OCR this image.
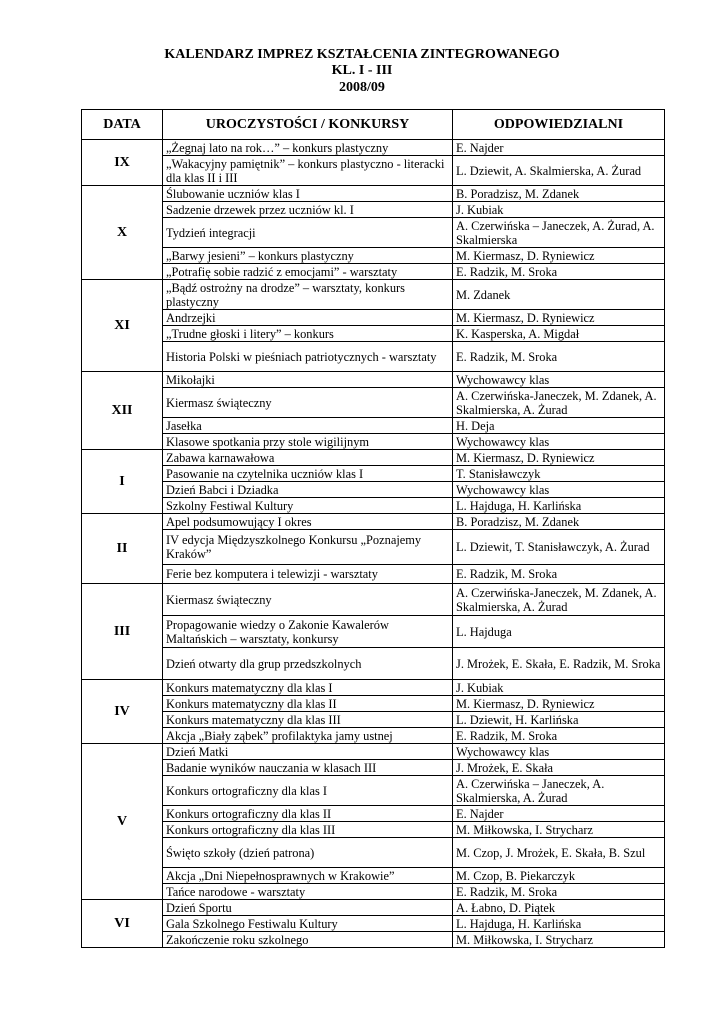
KALENDARZ IMPREZ KSZTAŁCENIA ZINTEGROWANEGO
KL. I - III
2008/09
DATA	UROCZYSTOŚCI / KONKURSY	ODPOWIEDZIALNI
IX	„Żegnaj lato na rok…” – konkurs plastyczny	E. Najder
	„Wakacyjny pamiętnik” – konkurs plastyczno - literacki dla klas II i III	L. Dziewit, A. Skalmierska, A. Żurad
X	Ślubowanie uczniów klas I	B. Poradzisz, M. Zdanek
	Sadzenie drzewek przez uczniów kl. I	J. Kubiak
	Tydzień integracji	A. Czerwińska – Janeczek, A. Żurad, A. Skalmierska
	„Barwy jesieni” – konkurs plastyczny	M. Kiermasz, D. Ryniewicz
	„Potrafię sobie radzić z emocjami” - warsztaty	E. Radzik, M. Sroka
XI	„Bądź ostrożny na drodze” – warsztaty, konkurs plastyczny	M. Zdanek
	Andrzejki	M. Kiermasz, D. Ryniewicz
	„Trudne głoski i litery” – konkurs	K. Kasperska, A. Migdał
	Historia Polski w pieśniach patriotycznych - warsztaty	E. Radzik, M. Sroka
XII	Mikołajki	Wychowawcy klas
	Kiermasz świąteczny	A. Czerwińska-Janeczek, M. Zdanek, A. Skalmierska, A. Żurad
	Jasełka	H. Deja
	Klasowe spotkania przy stole wigilijnym	Wychowawcy klas
I	Zabawa karnawałowa	M. Kiermasz, D. Ryniewicz
	Pasowanie na czytelnika uczniów klas I	T. Stanisławczyk
	Dzień Babci i Dziadka	Wychowawcy klas
	Szkolny Festiwal Kultury	L. Hajduga, H. Karlińska
II	Apel podsumowujący I okres	B. Poradzisz, M. Zdanek
	IV edycja Międzyszkolnego Konkursu „Poznajemy Kraków”	L. Dziewit, T. Stanisławczyk, A. Żurad
	Ferie bez komputera i telewizji - warsztaty	E. Radzik, M. Sroka
III	Kiermasz świąteczny	A. Czerwińska-Janeczek, M. Zdanek, A. Skalmierska, A. Żurad
	Propagowanie wiedzy o Zakonie Kawalerów Maltańskich – warsztaty, konkursy	L. Hajduga
	Dzień otwarty dla grup przedszkolnych	J. Mrożek, E. Skała, E. Radzik, M. Sroka
IV	Konkurs matematyczny dla klas I	J. Kubiak
	Konkurs matematyczny dla klas II	M. Kiermasz, D. Ryniewicz
	Konkurs matematyczny dla klas III	L. Dziewit, H. Karlińska
	Akcja „Biały ząbek” profilaktyka jamy ustnej	E. Radzik, M. Sroka
V	Dzień Matki	Wychowawcy klas
	Badanie wyników nauczania w klasach III	J. Mrożek, E. Skała
	Konkurs ortograficzny dla klas I	A. Czerwińska – Janeczek, A. Skalmierska, A. Żurad
	Konkurs ortograficzny dla klas II	E. Najder
	Konkurs ortograficzny dla klas III	M. Miłkowska, I. Strycharz
	Święto szkoły (dzień patrona)	M. Czop, J. Mrożek, E. Skała, B. Szul
	Akcja „Dni Niepełnosprawnych w Krakowie”	M. Czop, B. Piekarczyk
	Tańce narodowe - warsztaty	E. Radzik, M. Sroka
VI	Dzień Sportu	A. Łabno, D. Piątek
	Gala Szkolnego Festiwalu Kultury	L. Hajduga, H. Karlińska
	Zakończenie roku szkolnego	M. Miłkowska, I. Strycharz
